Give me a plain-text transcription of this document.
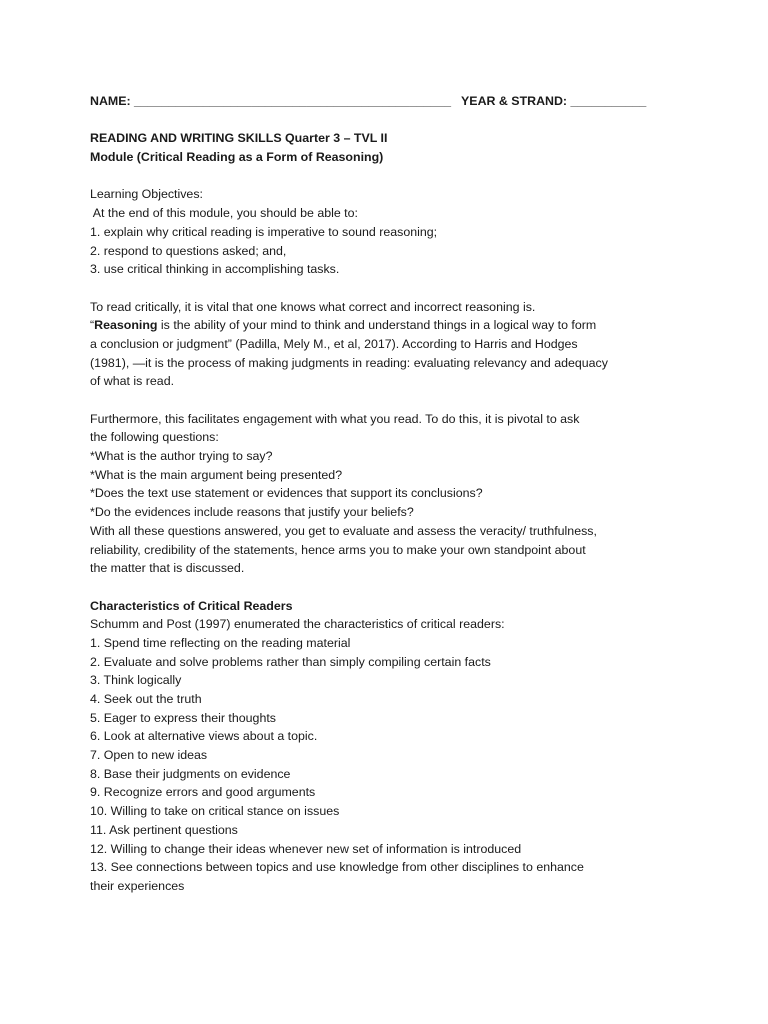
NAME: ______________________________________________ YEAR & STRAND: ___________

READING AND WRITING SKILLS Quarter 3 – TVL II

Module (Critical Reading as a Form of Reasoning)

Learning Objectives:

At the end of this module, you should be able to:

1. explain why critical reading is imperative to sound reasoning;

2. respond to questions asked; and,

3. use critical thinking in accomplishing tasks.

To read critically, it is vital that one knows what correct and incorrect reasoning is.

“Reasoning is the ability of your mind to think and understand things in a logical way to form

a conclusion or judgment” (Padilla, Mely M., et al, 2017). According to Harris and Hodges

(1981), ―it is the process of making judgments in reading: evaluating relevancy and adequacy

of what is read.

Furthermore, this facilitates engagement with what you read. To do this, it is pivotal to ask

the following questions:

*What is the author trying to say?

*What is the main argument being presented?

*Does the text use statement or evidences that support its conclusions?

*Do the evidences include reasons that justify your beliefs?

With all these questions answered, you get to evaluate and assess the veracity/ truthfulness,

reliability, credibility of the statements, hence arms you to make your own standpoint about

the matter that is discussed.

Characteristics of Critical Readers

Schumm and Post (1997) enumerated the characteristics of critical readers:

1. Spend time reflecting on the reading material

2. Evaluate and solve problems rather than simply compiling certain facts

3. Think logically

4. Seek out the truth

5. Eager to express their thoughts

6. Look at alternative views about a topic.

7. Open to new ideas

8. Base their judgments on evidence

9. Recognize errors and good arguments

10. Willing to take on critical stance on issues

11. Ask pertinent questions

12. Willing to change their ideas whenever new set of information is introduced

13. See connections between topics and use knowledge from other disciplines to enhance

their experiences
